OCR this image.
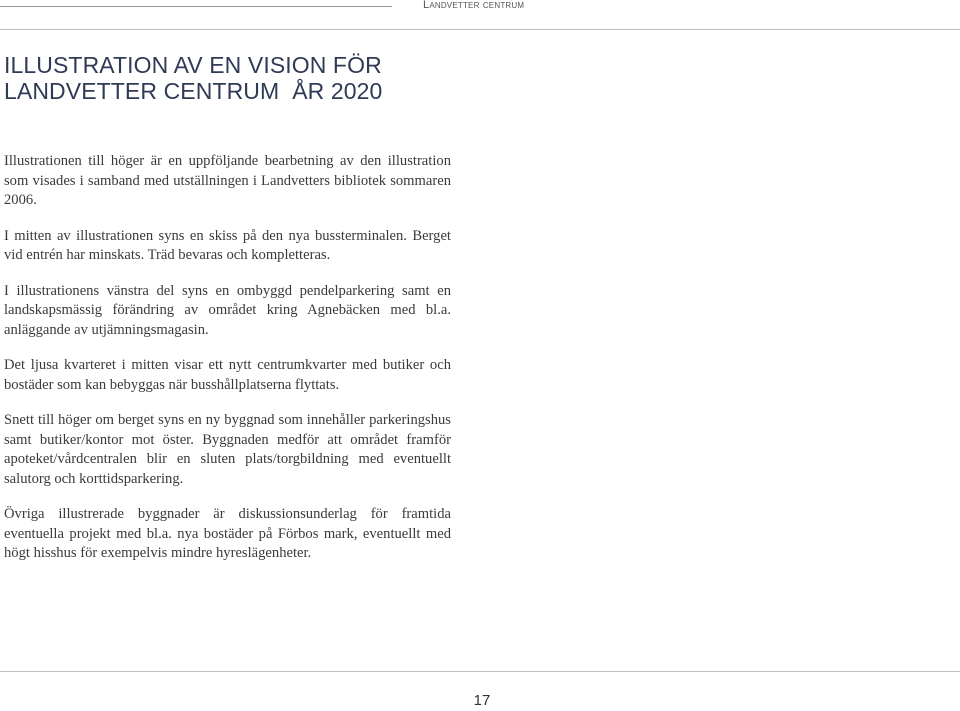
Landvetter centrum
ILLUSTRATION AV EN VISION FÖR
LANDVETTER CENTRUM  ÅR 2020

Illustrationen till höger är en uppföljande bearbetning av den illustration som visades i samband med utställningen i Landvetters bibliotek sommaren 2006.

I mitten av illustrationen syns en skiss på den nya bussterminalen. Berget vid entrén har minskats. Träd bevaras och kompletteras.

I illustrationens vänstra del syns en ombyggd pendelparkering samt en landskapsmässig förändring av området kring Agnebäcken med bl.a. anläggande av utjämningsmagasin.

Det ljusa kvarteret i mitten visar ett nytt centrumkvarter med butiker och bostäder som kan bebyggas när busshållplatserna flyttats.

Snett till höger om berget syns en ny byggnad som innehåller parkeringshus samt butiker/kontor mot öster. Byggnaden medför att området framför apoteket/vårdcentralen blir en sluten plats/torgbildning med eventuellt salutorg och korttidsparkering.

Övriga illustrerade byggnader är diskussionsunderlag för framtida eventuella projekt med bl.a. nya bostäder på Förbos mark, eventuellt med högt hisshus för exempelvis mindre hyreslägenheter.

17
